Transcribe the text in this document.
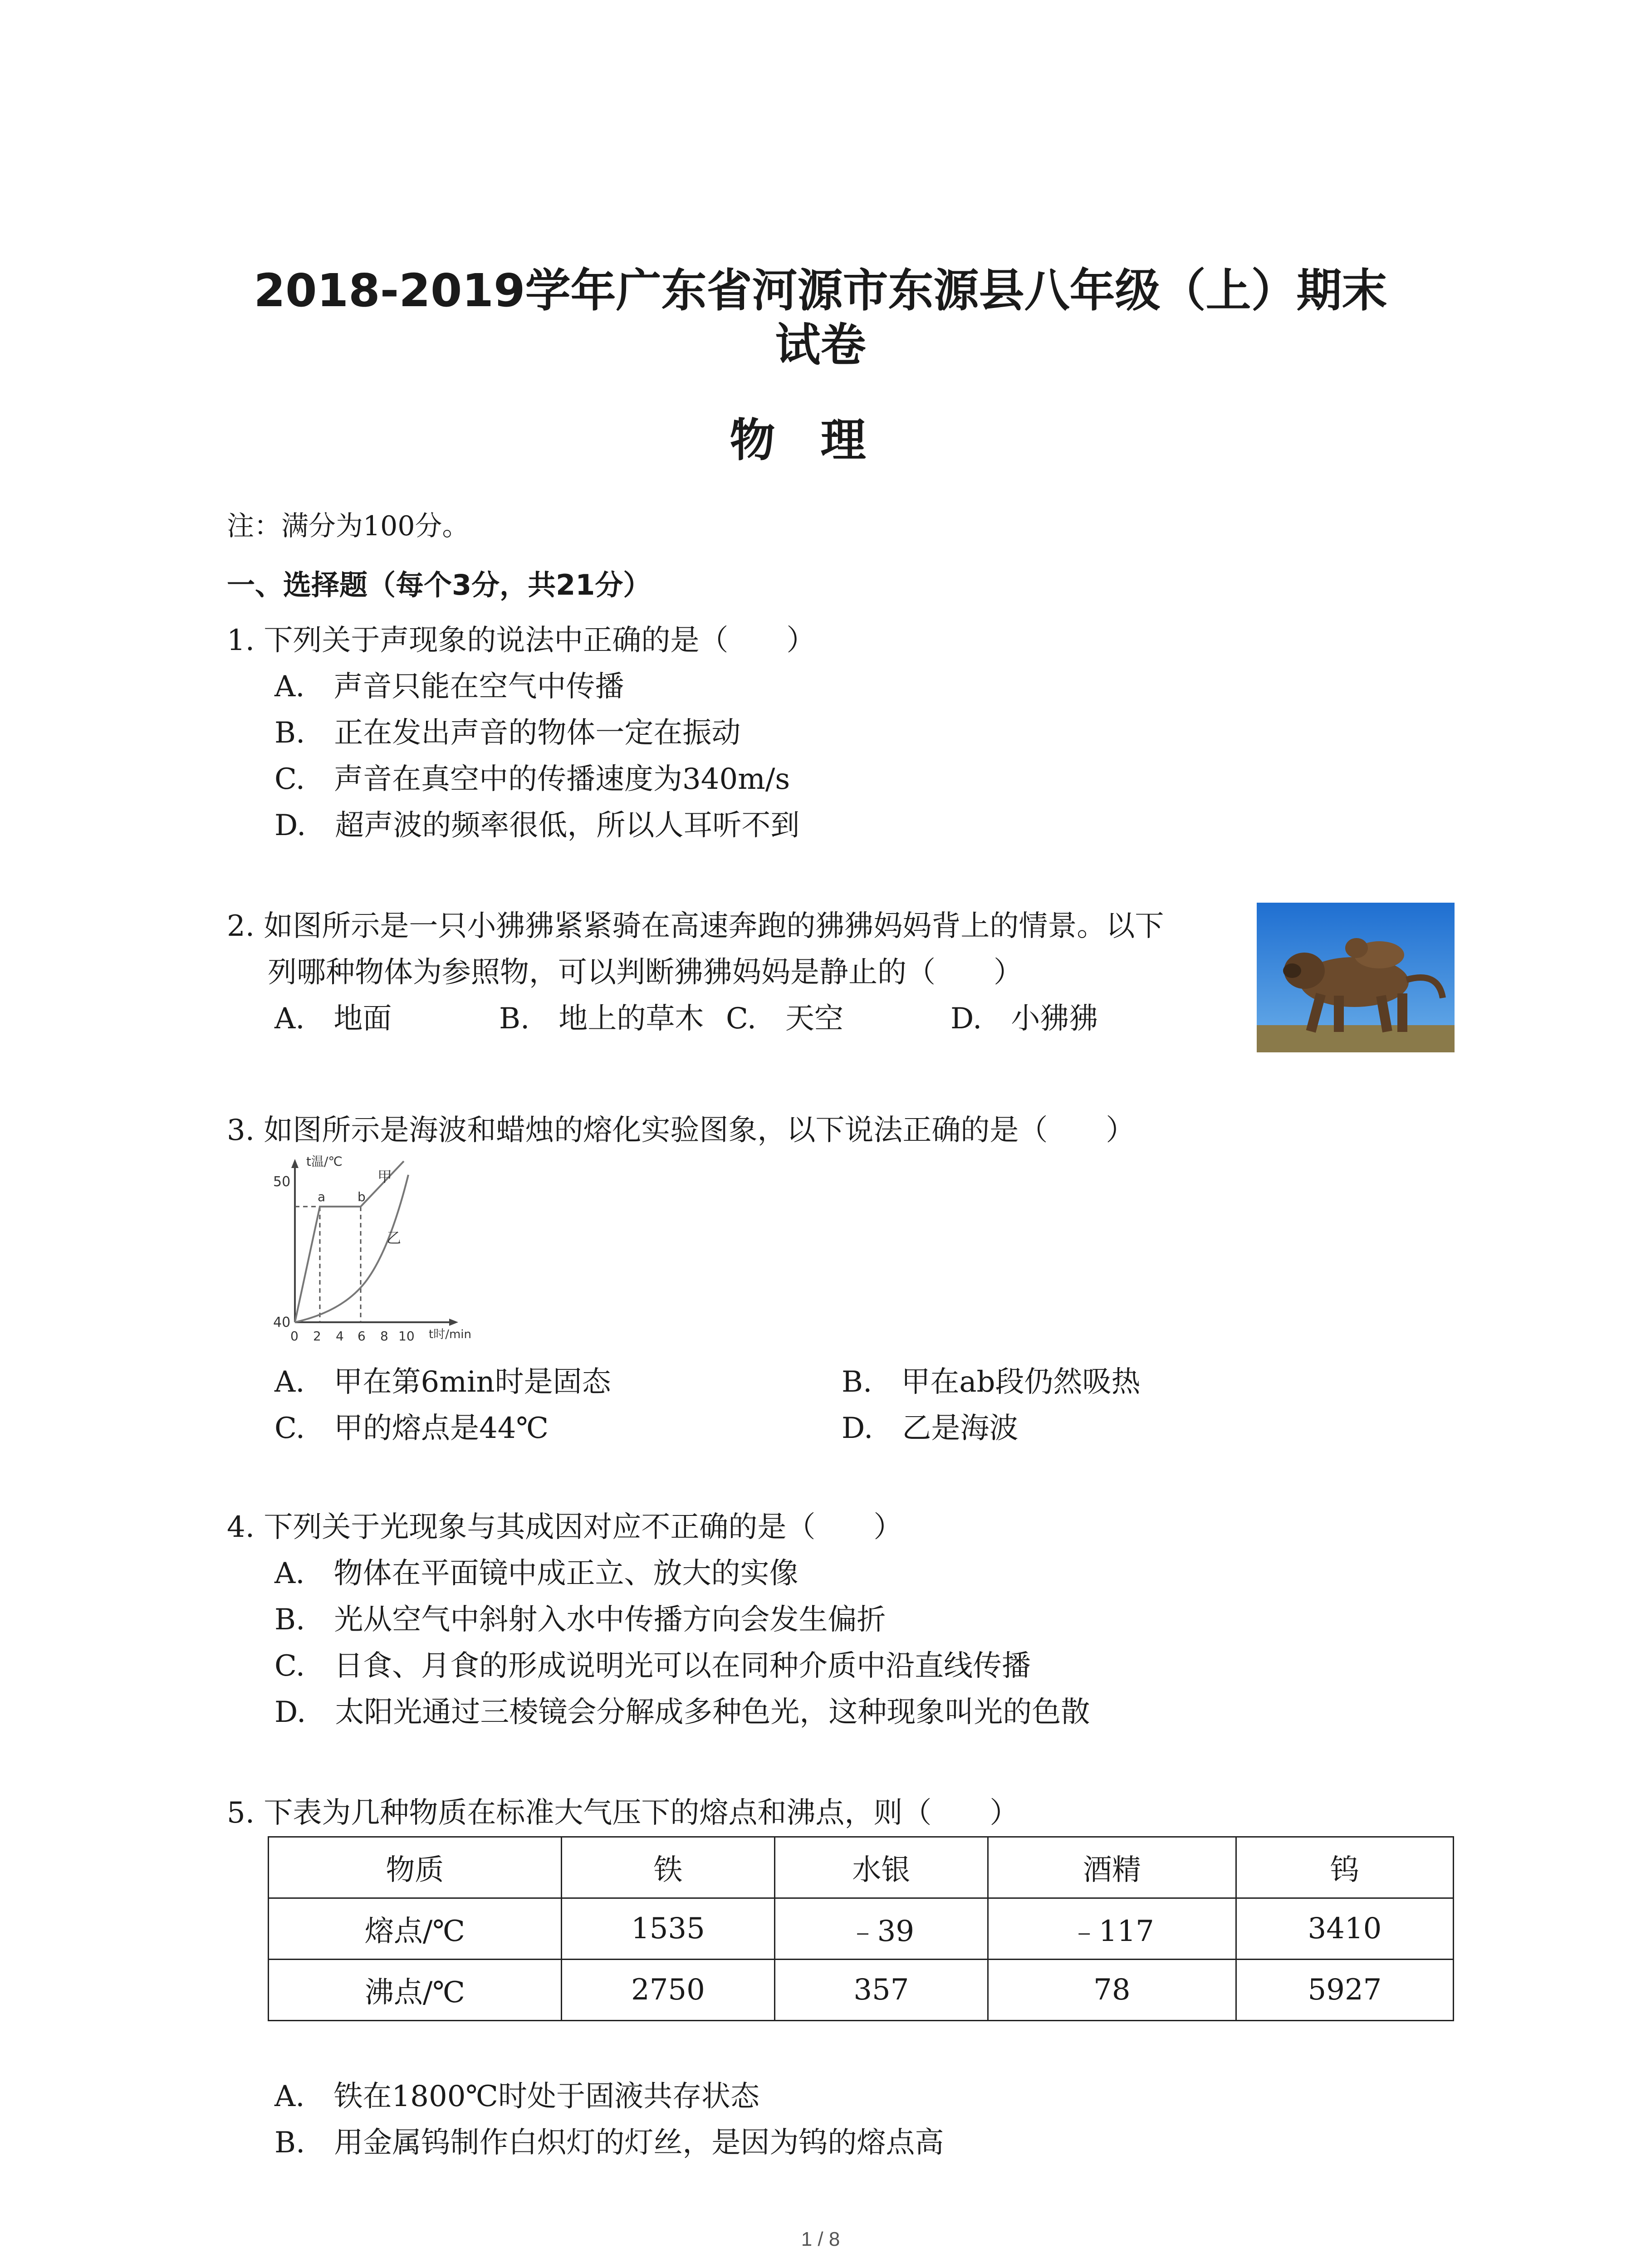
2018-2019学年广东省河源市东源县八年级（上）期末
试卷
物理
注：满分为100分。
一、选择题（每个3分，共21分）
1. 下列关于声现象的说法中正确的是（　　）
A.　声音只能在空气中传播
B.　正在发出声音的物体一定在振动
C.　声音在真空中的传播速度为340m/s
D.　超声波的频率很低，所以人耳听不到
2. 如图所示是一只小狒狒紧紧骑在高速奔跑的狒狒妈妈背上的情景。以下
列哪种物体为参照物，可以判断狒狒妈妈是静止的（　　）
A.　地面	B.　地上的草木 C.　天空	D.　小狒狒
3. 如图所示是海波和蜡烛的熔化实验图象，以下说法正确的是（　　）
t温/℃
t时/min
50
40
0 2 4 6 8 10
a	b
甲
乙
A.　甲在第6min时是固态	B.　甲在ab段仍然吸热
C.　甲的熔点是44℃	D.　乙是海波
4. 下列关于光现象与其成因对应不正确的是（　　）
A.　物体在平面镜中成正立、放大的实像
B.　光从空气中斜射入水中传播方向会发生偏折
C.　日食、月食的形成说明光可以在同种介质中沿直线传播
D.　太阳光通过三棱镜会分解成多种色光，这种现象叫光的色散
5. 下表为几种物质在标准大气压下的熔点和沸点，则（　　）
物质	铁	水银	酒精	钨
熔点/℃	1535	﹣39	﹣117	3410
沸点/℃	2750	357	78	5927
A.　铁在1800℃时处于固液共存状态
B.　用金属钨制作白炽灯的灯丝，是因为钨的熔点高
1 / 8
